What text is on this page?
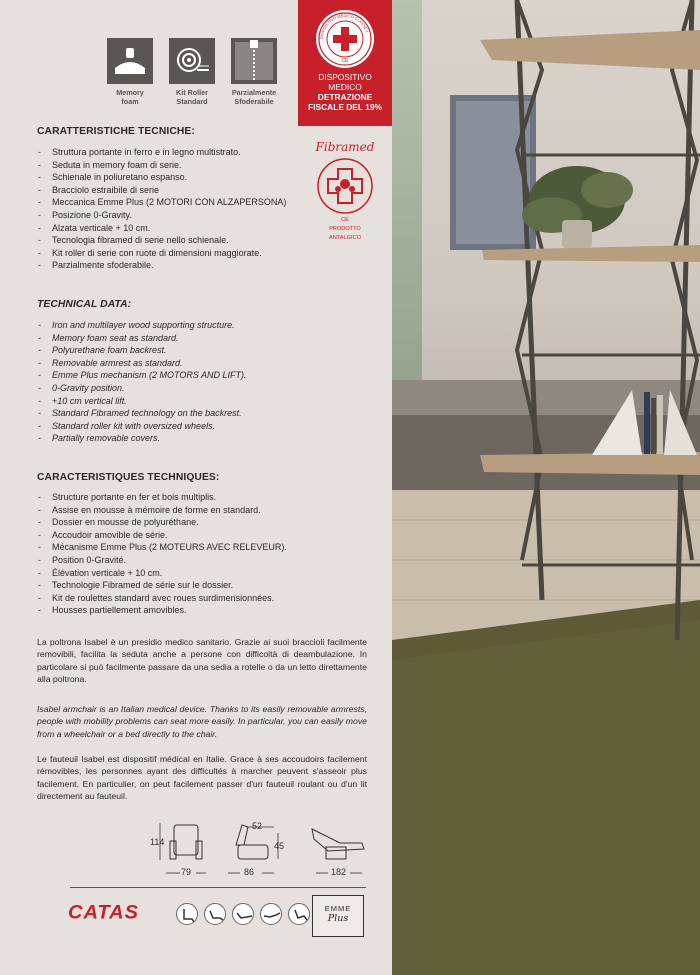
Memory
foam
Kit Roller
Standard
Parzialmente
Sfoderabile
CE
DISPOSITIVO MEDICO CLASSE I
DISPOSITIVO
MEDICO
DETRAZIONE
FISCALE DEL 19%
CARATTERISTICHE TECNICHE:
- Struttura portante in ferro e in legno multistrato.
- Seduta in memory foam di serie.
- Schienale in poliuretano espanso.
- Bracciolo estraibile di serie
- Meccanica Emme Plus (2 MOTORI CON ALZAPERSONA)
- Posizione 0-Gravity.
- Alzata verticale + 10 cm.
- Tecnologia fibramed di serie nello schienale.
- Kit roller di serie con ruote di dimensioni maggiorate.
- Parzialmente sfoderabile.
Fibramed
CE
PRODOTTO
ANTALGICO
TECHNICAL DATA:
- Iron and multilayer wood supporting structure.
- Memory foam seat as standard.
- Polyurethane foam backrest.
- Removable armrest as standard.
- Emme Plus mechanism (2 MOTORS AND LIFT).
- 0-Gravity position.
- +10 cm vertical lift.
- Standard Fibramed technology on the backrest.
- Standard roller kit with oversized wheels.
- Partially removable covers.
CARACTERISTIQUES TECHNIQUES:
- Structure portante en fer et bois multiplis.
- Assise en mousse à mémoire de forme en standard.
- Dossier en mousse de polyuréthane.
- Accoudoir amovible de série.
- Mécanisme Emme Plus (2 MOTEURS AVEC RELEVEUR).
- Position 0-Gravité.
- Élévation verticale + 10 cm.
- Technologie Fibramed de série sur le dossier.
- Kit de roulettes standard avec roues surdimensionnées.
- Housses partiellement amovibles.

La poltrona Isabel è un presidio medico sanitario. Grazie ai suoi braccioli facilmente removibili, facilita la seduta anche a persone con difficoltà di deambulazione. In particolare si può facilmente passare da una sedia a rotelle o da un letto direttamente alla poltrona.

Isabel armchair is an Italian medical device. Thanks to its easily removable armrests, people with mobility problems can seat more easily. In particular, you can easily move from a wheelchair or a bed directly to the chair.

Le fauteuil Isabel est dispositif médical en Italie. Grace à ses accoudoirs facilement rémovibles, les personnes ayant des difficultés à marcher peuvent s'asseoir plus facilement. En particulier, on peut facilement passer d'un fauteuil roulant ou d'un lit directement au fauteuil.

114
52
45
79	86	182
CATAS	EMME
Plus
